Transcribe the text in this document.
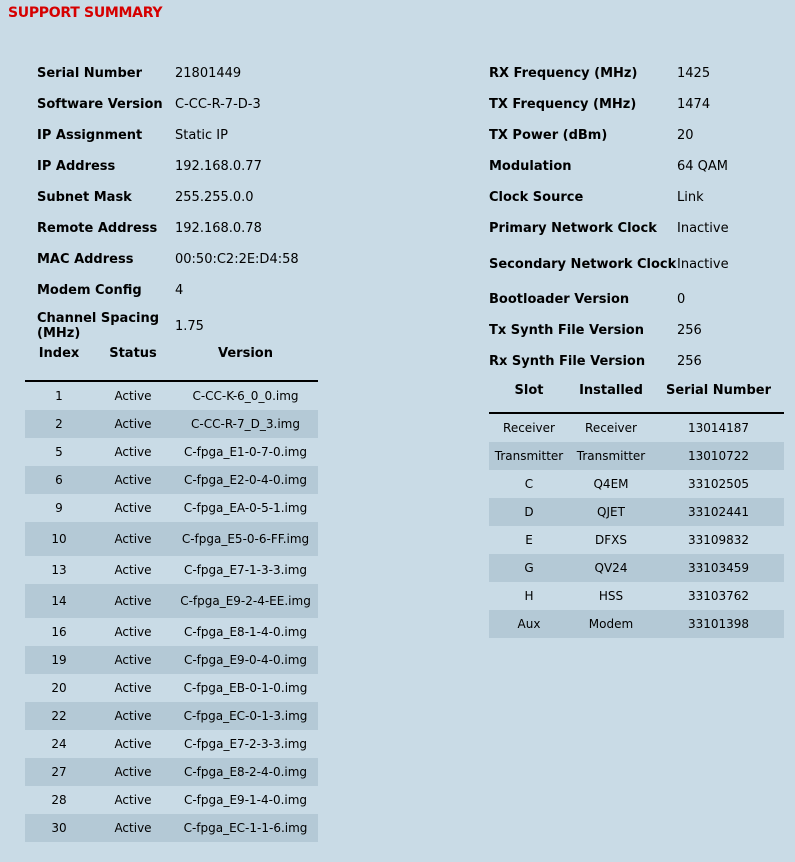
SUPPORT SUMMARY
Serial Number	21801449
Software Version	C-CC-R-7-D-3
IP Assignment	Static IP
IP Address	192.168.0.77
Subnet Mask	255.255.0.0
Remote Address	192.168.0.78
MAC Address	00:50:C2:2E:D4:58
Modem Config	4
Channel Spacing (MHz)	1.75
RX Frequency (MHz)	1425
TX Frequency (MHz)	1474
TX Power (dBm)	20
Modulation	64 QAM
Clock Source	Link
Primary Network Clock	Inactive
Secondary Network Clock	Inactive
Bootloader Version	0
Tx Synth File Version	256
Rx Synth File Version	256
Index	Status	Version
1	Active	C-CC-K-6_0_0.img
2	Active	C-CC-R-7_D_3.img
5	Active	C-fpga_E1-0-7-0.img
6	Active	C-fpga_E2-0-4-0.img
9	Active	C-fpga_EA-0-5-1.img
10	Active	C-fpga_E5-0-6-FF.img
13	Active	C-fpga_E7-1-3-3.img
14	Active	C-fpga_E9-2-4-EE.img
16	Active	C-fpga_E8-1-4-0.img
19	Active	C-fpga_E9-0-4-0.img
20	Active	C-fpga_EB-0-1-0.img
22	Active	C-fpga_EC-0-1-3.img
24	Active	C-fpga_E7-2-3-3.img
27	Active	C-fpga_E8-2-4-0.img
28	Active	C-fpga_E9-1-4-0.img
30	Active	C-fpga_EC-1-1-6.img
Slot	Installed	Serial Number
Receiver	Receiver	13014187
Transmitter	Transmitter	13010722
C	Q4EM	33102505
D	QJET	33102441
E	DFXS	33109832
G	QV24	33103459
H	HSS	33103762
Aux	Modem	33101398
